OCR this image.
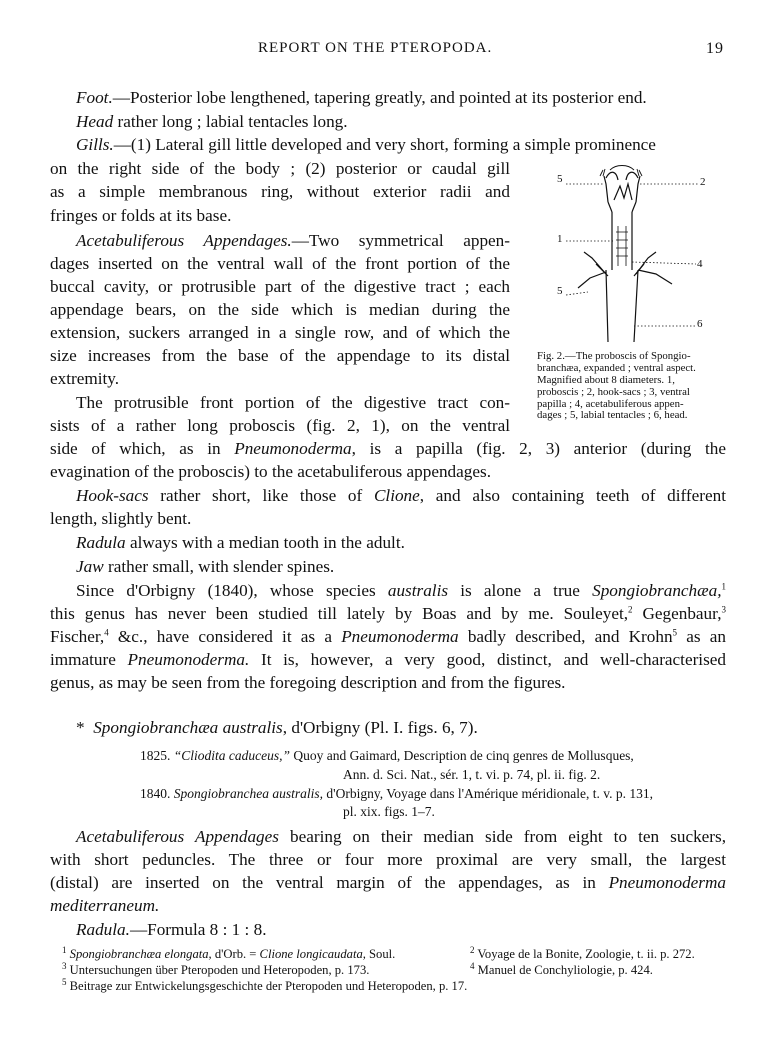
REPORT ON THE PTEROPODA.	19
Foot.—Posterior lobe lengthened, tapering greatly, and pointed at its posterior end.
Head rather long ; labial tentacles long.
Gills.—(1) Lateral gill little developed and very short, forming a simple prominence
on the right side of the body ; (2) posterior or caudal gill
as a simple membranous ring, without exterior radii and
fringes or folds at its base.
Acetabuliferous Appendages.—Two symmetrical appen-
dages inserted on the ventral wall of the front portion of the
buccal cavity, or protrusible part of the digestive tract ; each
appendage bears, on the side which is median during the
extension, suckers arranged in a single row, and of which the
size increases from the base of the appendage to its distal
extremity.
The protrusible front portion of the digestive tract con-
sists of a rather long proboscis (fig. 2, 1), on the ventral
side of which, as in Pneumonoderma, is a papilla (fig. 2, 3) anterior (during the
evagination of the proboscis) to the acetabuliferous appendages.
Hook-sacs rather short, like those of Clione, and also containing teeth of different
length, slightly bent.
Radula always with a median tooth in the adult.
Jaw rather small, with slender spines.
Since d'Orbigny (1840), whose species australis is alone a true Spongiobranchæa,$^1$
this genus has never been studied till lately by Boas and by me. Souleyet,$^2$ Gegenbaur,$^3$
Fischer,$^4$ &c., have considered it as a Pneumonoderma badly described, and Krohn$^5$ as an
immature Pneumonoderma. It is, however, a very good, distinct, and well-characterised
genus, as may be seen from the foregoing description and from the figures.
5	2
1
4
5
6
Fig. 2.—The proboscis of Spongio-
branchæa, expanded ; ventral aspect.
Magnified about 8 diameters. 1,
proboscis ; 2, hook-sacs ; 3, ventral
papilla ; 4, acetabuliferous appen-
dages ; 5, labial tentacles ; 6, head.
* Spongiobranchæa australis, d'Orbigny (Pl. I. figs. 6, 7).
1825. “Cliodita caduceus,” Quoy and Gaimard, Description de cinq genres de Mollusques,
Ann. d. Sci. Nat., sér. 1, t. vi. p. 74, pl. ii. fig. 2.
1840. Spongiobranchea australis, d'Orbigny, Voyage dans l'Amérique méridionale, t. v. p. 131,
pl. xix. figs. 1–7.
Acetabuliferous Appendages bearing on their median side from eight to ten suckers,
with short peduncles. The three or four more proximal are very small, the largest
(distal) are inserted on the ventral margin of the appendages, as in Pneumonoderma
mediterraneum.
Radula.—Formula 8 : 1 : 8.
$^1$ Spongiobranchæa elongata, d'Orb. = Clione longicaudata, Soul.	$^2$ Voyage de la Bonite, Zoologie, t. ii. p. 272.
$^3$ Untersuchungen über Pteropoden und Heteropoden, p. 173.	$^4$ Manuel de Conchyliologie, p. 424.
$^5$ Beitrage zur Entwickelungsgeschichte der Pteropoden und Heteropoden, p. 17.
